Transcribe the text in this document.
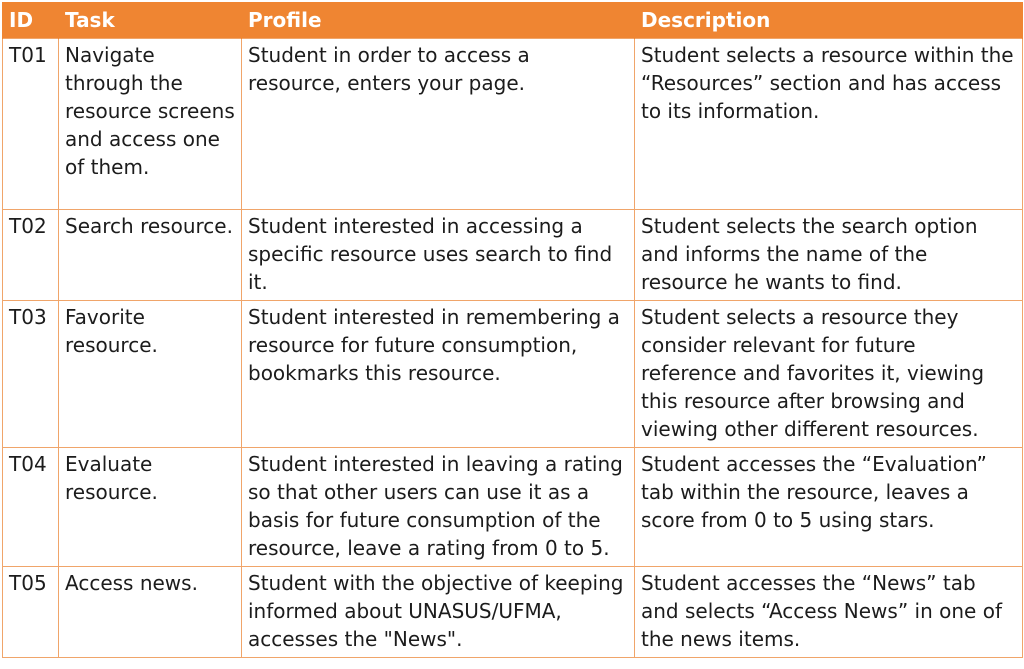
ID	Task	Profile	Description
T01	Navigate through the resource screens and access one of them.	Student in order to access a resource, enters your page.	Student selects a resource within the “Resources” section and has access to its information.
T02	Search resource.	Student interested in accessing a specific resource uses search to find it.	Student selects the search option and informs the name of the resource he wants to find.
T03	Favorite resource.	Student interested in remembering a resource for future consumption, bookmarks this resource.	Student selects a resource they consider relevant for future reference and favorites it, viewing this resource after browsing and viewing other different resources.
T04	Evaluate resource.	Student interested in leaving a rating so that other users can use it as a basis for future consumption of the resource, leave a rating from 0 to 5.	Student accesses the “Evaluation” tab within the resource, leaves a score from 0 to 5 using stars.
T05	Access news.	Student with the objective of keeping informed about UNASUS/UFMA, accesses the "News".	Student accesses the “News” tab and selects “Access News” in one of the news items.
